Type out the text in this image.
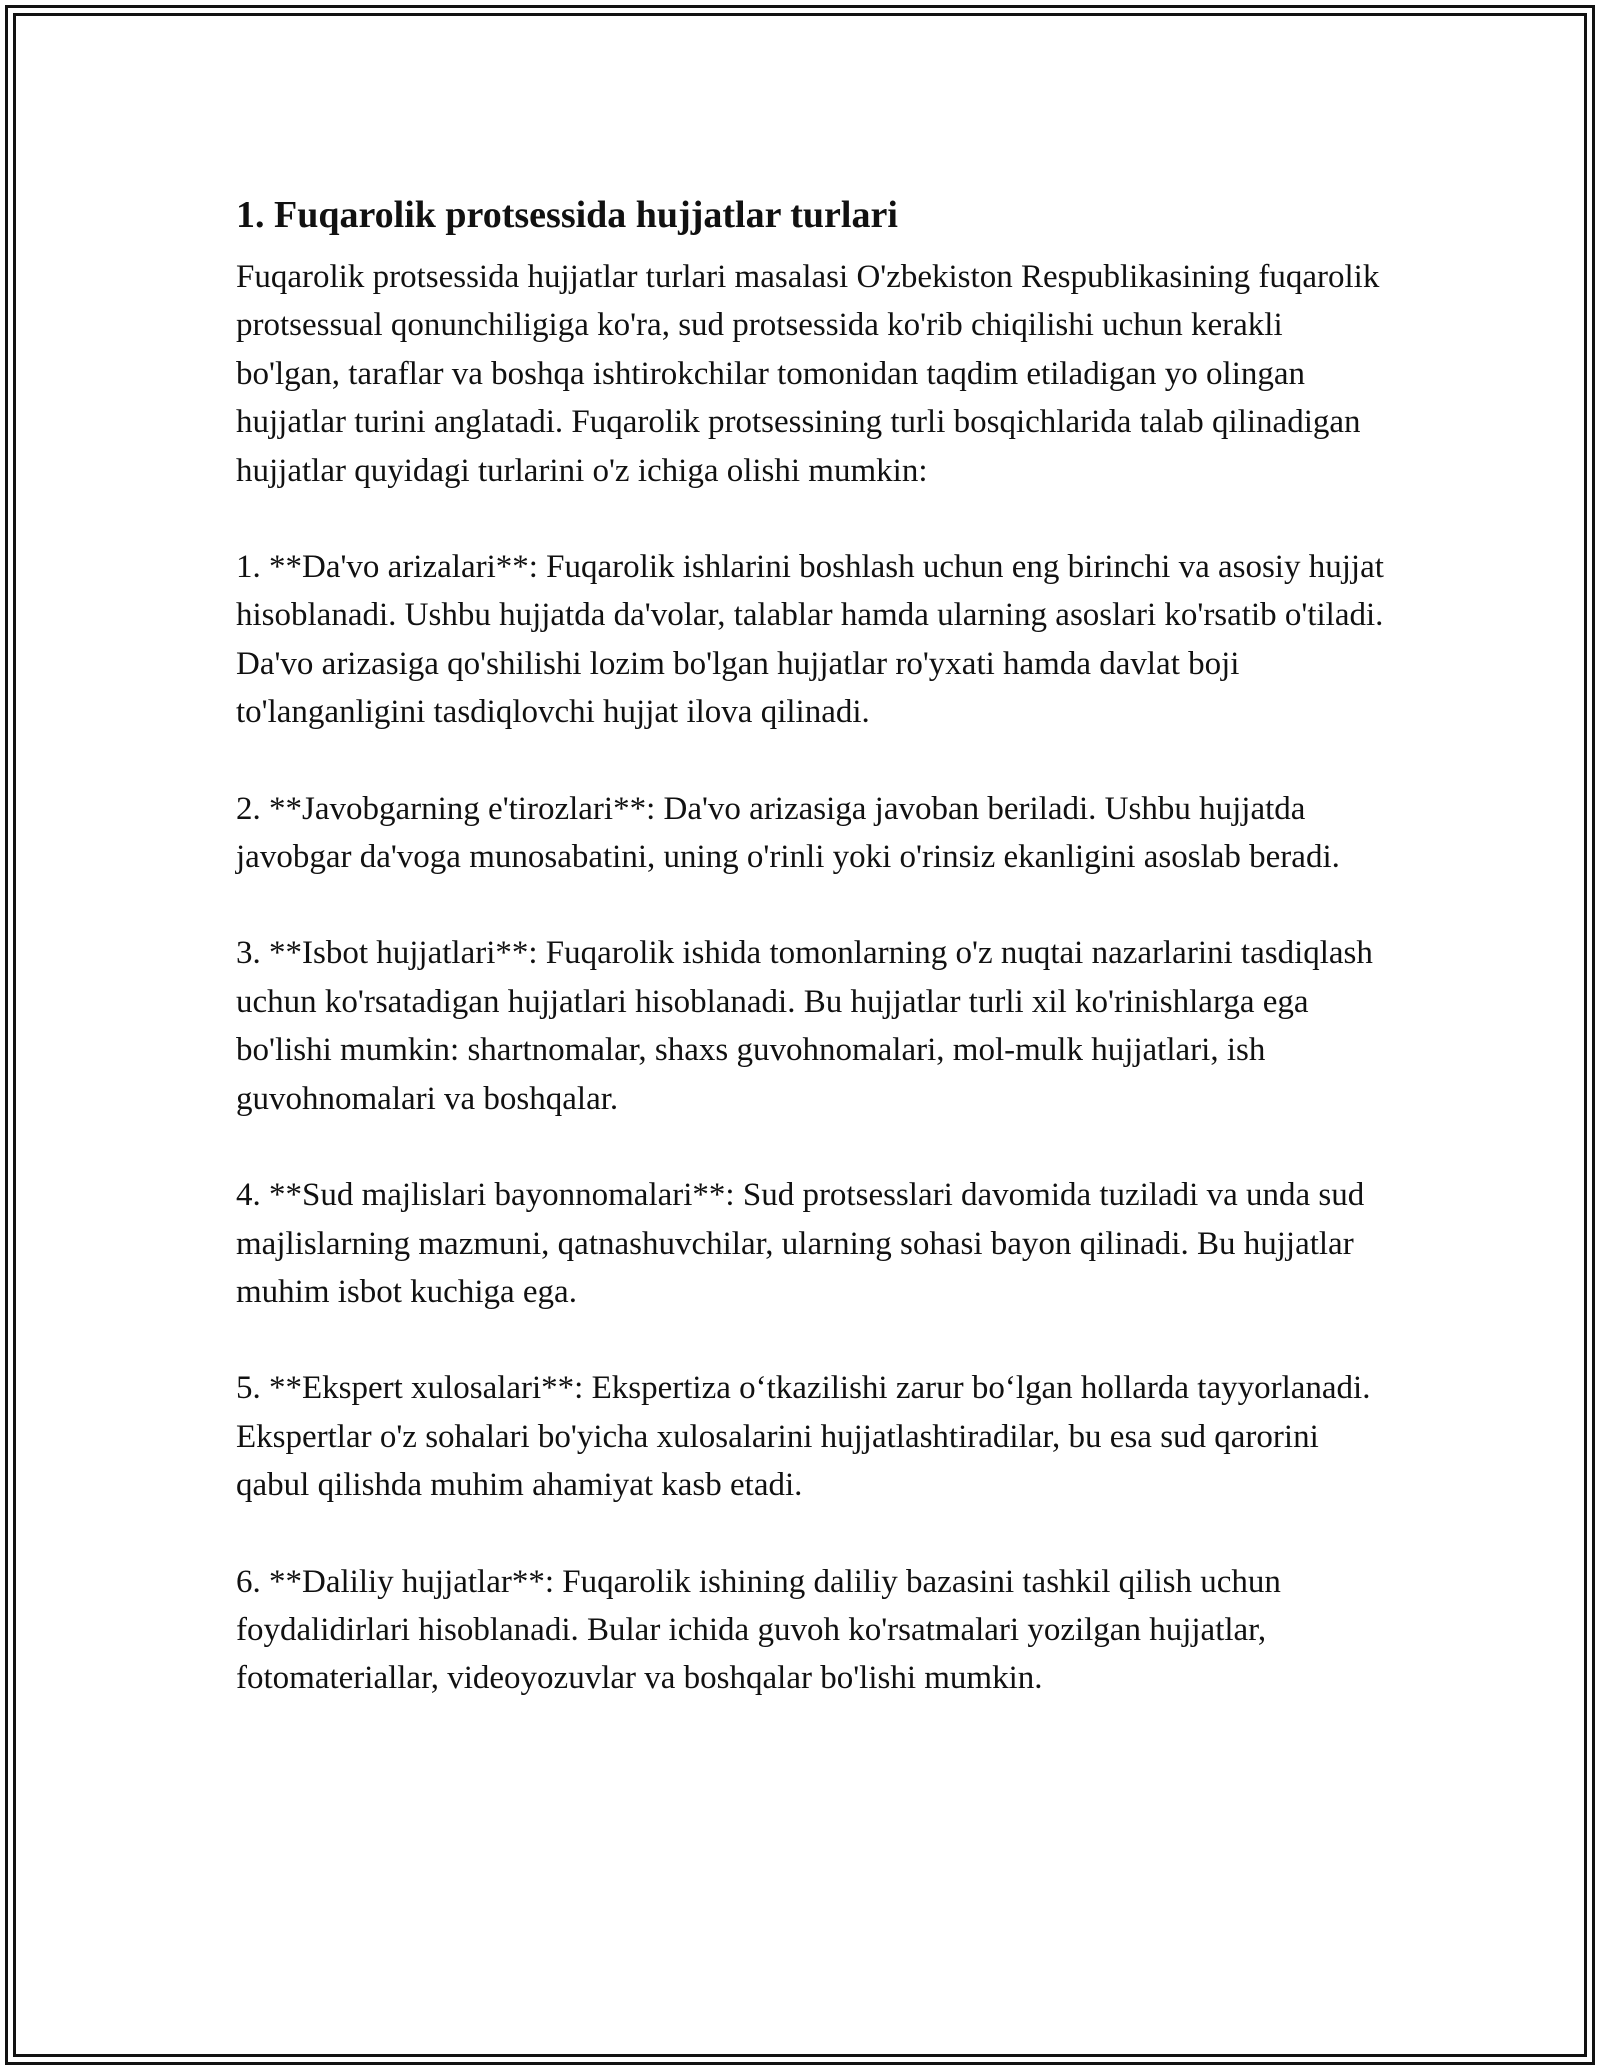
1. Fuqarolik protsessida hujjatlar turlari

Fuqarolik protsessida hujjatlar turlari masalasi O'zbekiston Respublikasining fuqarolik protsessual qonunchiligiga ko'ra, sud protsessida ko'rib chiqilishi uchun kerakli bo'lgan, taraflar va boshqa ishtirokchilar tomonidan taqdim etiladigan yo olingan hujjatlar turini anglatadi. Fuqarolik protsessining turli bosqichlarida talab qilinadigan hujjatlar quyidagi turlarini o'z ichiga olishi mumkin:

1. **Da'vo arizalari**: Fuqarolik ishlarini boshlash uchun eng birinchi va asosiy hujjat hisoblanadi. Ushbu hujjatda da'volar, talablar hamda ularning asoslari ko'rsatib o'tiladi. Da'vo arizasiga qo'shilishi lozim bo'lgan hujjatlar ro'yxati hamda davlat boji to'langanligini tasdiqlovchi hujjat ilova qilinadi.

2. **Javobgarning e'tirozlari**: Da'vo arizasiga javoban beriladi. Ushbu hujjatda javobgar da'voga munosabatini, uning o'rinli yoki o'rinsiz ekanligini asoslab beradi.

3. **Isbot hujjatlari**: Fuqarolik ishida tomonlarning o'z nuqtai nazarlarini tasdiqlash uchun ko'rsatadigan hujjatlari hisoblanadi. Bu hujjatlar turli xil ko'rinishlarga ega bo'lishi mumkin: shartnomalar, shaxs guvohnomalari, mol-mulk hujjatlari, ish guvohnomalari va boshqalar.

4. **Sud majlislari bayonnomalari**: Sud protsesslari davomida tuziladi va unda sud majlislarning mazmuni, qatnashuvchilar, ularning sohasi bayon qilinadi. Bu hujjatlar muhim isbot kuchiga ega.

5. **Ekspert xulosalari**: Ekspertiza o‘tkazilishi zarur bo‘lgan hollarda tayyorlanadi. Ekspertlar o'z sohalari bo'yicha xulosalarini hujjatlashtiradilar, bu esa sud qarorini qabul qilishda muhim ahamiyat kasb etadi.

6. **Daliliy hujjatlar**: Fuqarolik ishining daliliy bazasini tashkil qilish uchun foydalidirlari hisoblanadi. Bular ichida guvoh ko'rsatmalari yozilgan hujjatlar, fotomateriallar, videoyozuvlar va boshqalar bo'lishi mumkin.
